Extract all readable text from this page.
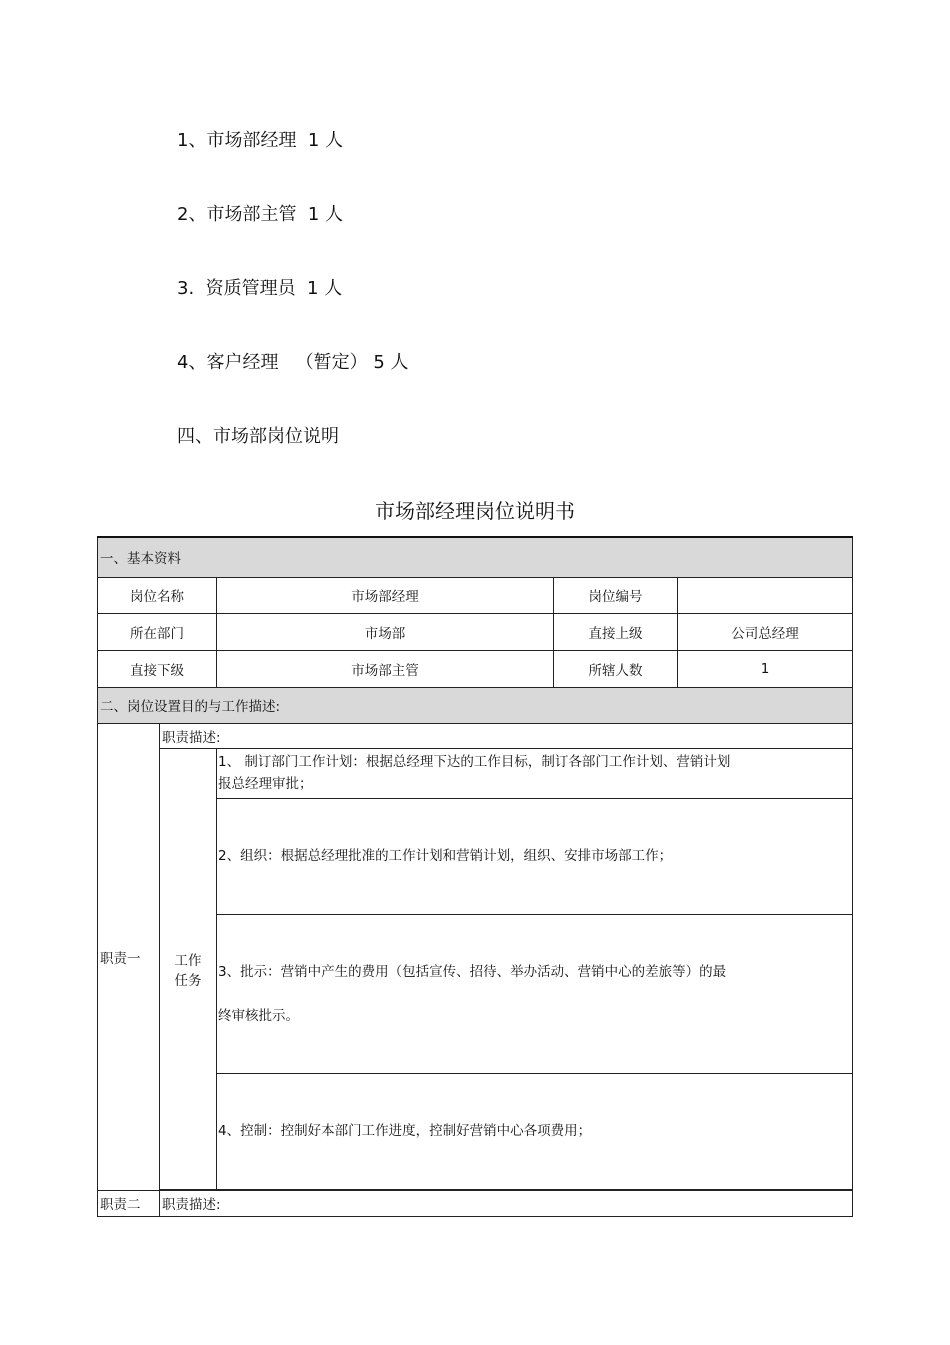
1、市场部经理  1 人
2、市场部主管  1 人
3.  资质管理员  1 人
4、客户经理   （暂定） 5 人
四、市场部岗位说明
市场部经理岗位说明书
一、基本资料				
岗位名称		市场部经理	岗位编号	
所在部门		市场部	直接上级	公司总经理
直接下级		市场部主管	所辖人数	1
二、岗位设置目的与工作描述:				
职责一	职责描述:			

	工作
任务	1、 制订部门工作计划：根据总经理下达的工作目标，制订各部门工作计划、营销计划
报总经理审批；		

		2、组织：根据总经理批准的工作计划和营销计划，组织、安排市场部工作；		

		3、批示：营销中产生的费用（包括宣传、招待、举办活动、营销中心的差旅等）的最
终审核批示。		

		4、控制：控制好本部门工作进度，控制好营销中心各项费用；		

职责二	职责描述:			
